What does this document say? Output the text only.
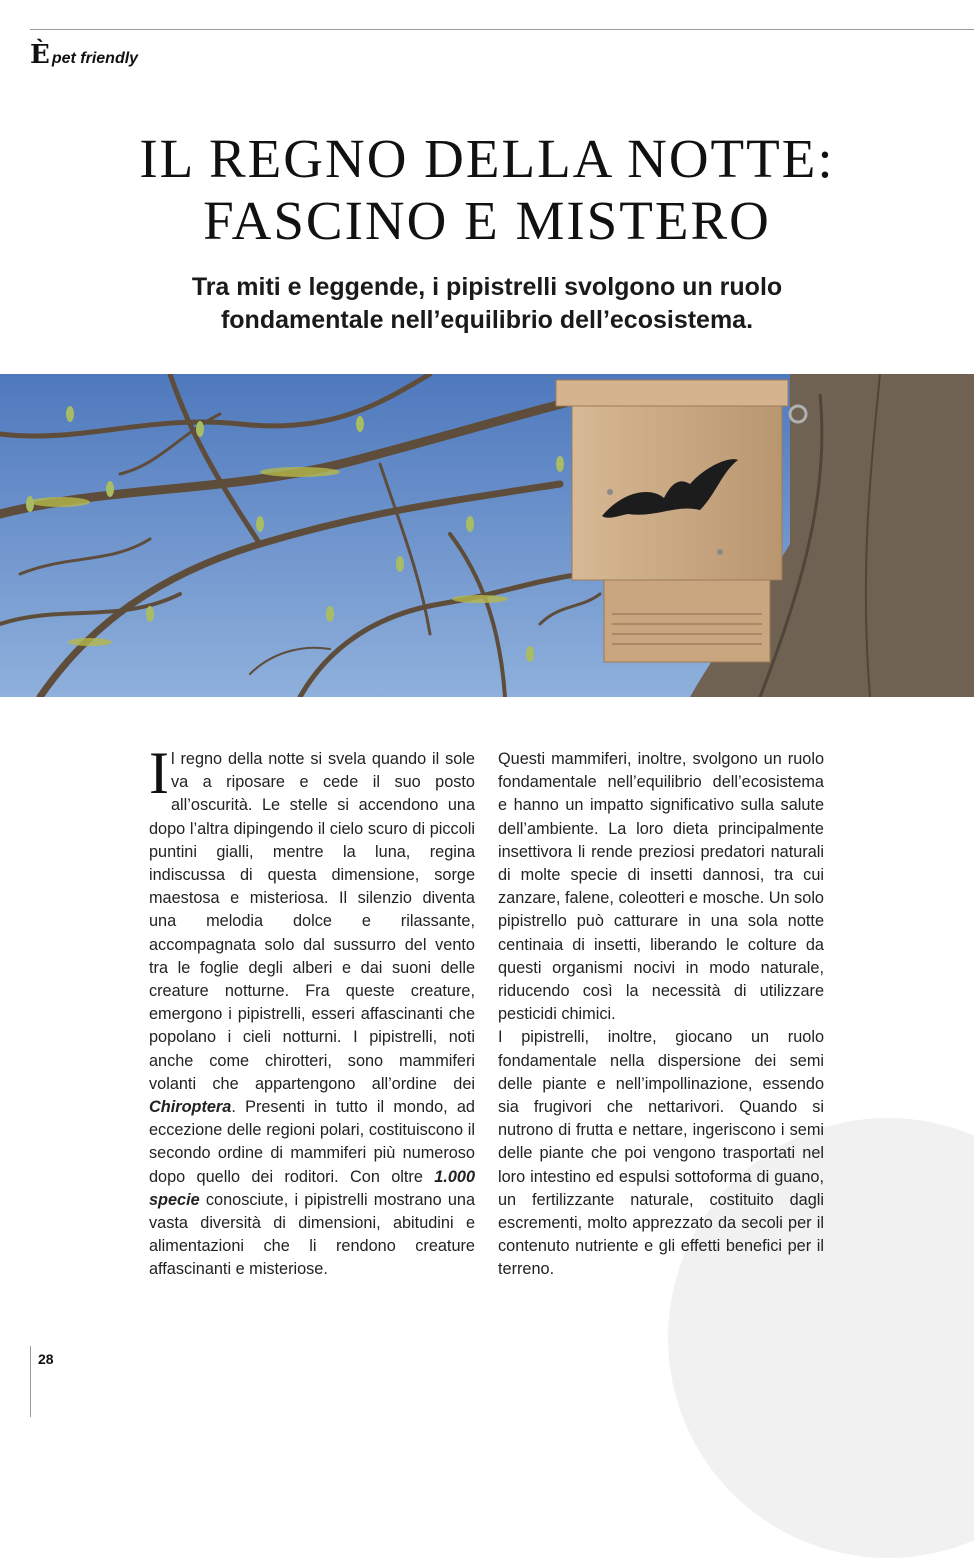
È pet friendly
IL REGNO DELLA NOTTE:
FASCINO E MISTERO
Tra miti e leggende, i pipistrelli svolgono un ruolo
fondamentale nell’equilibrio dell’ecosistema.

Il regno della notte si svela quando il sole va a riposare e cede il suo posto all’oscurità. Le stelle si accendono una dopo l’altra dipingendo il cielo scuro di piccoli puntini gialli, mentre la luna, regina indiscussa di questa dimensione, sorge maestosa e misteriosa. Il silenzio diventa una melodia dolce e rilassante, accompagnata solo dal sussurro del vento tra le foglie degli alberi e dai suoni delle creature notturne. Fra queste creature, emergono i pipistrelli, esseri affascinanti che popolano i cieli notturni. I pipistrelli, noti anche come chirotteri, sono mammiferi volanti che appartengono all’ordine dei Chiroptera. Presenti in tutto il mondo, ad eccezione delle regioni polari, costituiscono il secondo ordine di mammiferi più numeroso dopo quello dei roditori. Con oltre 1.000 specie conosciute, i pipistrelli mostrano una vasta diversità di dimensioni, abitudini e alimentazioni che li rendono creature affascinanti e misteriose.

Questi mammiferi, inoltre, svolgono un ruolo fondamentale nell’equilibrio dell’ecosistema e hanno un impatto significativo sulla salute dell’ambiente. La loro dieta principalmente insettivora li rende preziosi predatori naturali di molte specie di insetti dannosi, tra cui zanzare, falene, coleotteri e mosche. Un solo pipistrello può catturare in una sola notte centinaia di insetti, liberando le colture da questi organismi nocivi in modo naturale, riducendo così la necessità di utilizzare pesticidi chimici.

I pipistrelli, inoltre, giocano un ruolo fondamentale nella dispersione dei semi delle piante e nell’impollinazione, essendo sia frugivori che nettarivori. Quando si nutrono di frutta e nettare, ingeriscono i semi delle piante che poi vengono trasportati nel loro intestino ed espulsi sottoforma di guano, un fertilizzante naturale, costituito dagli escrementi, molto apprezzato da secoli per il contenuto nutriente e gli effetti benefici per il terreno.

28
